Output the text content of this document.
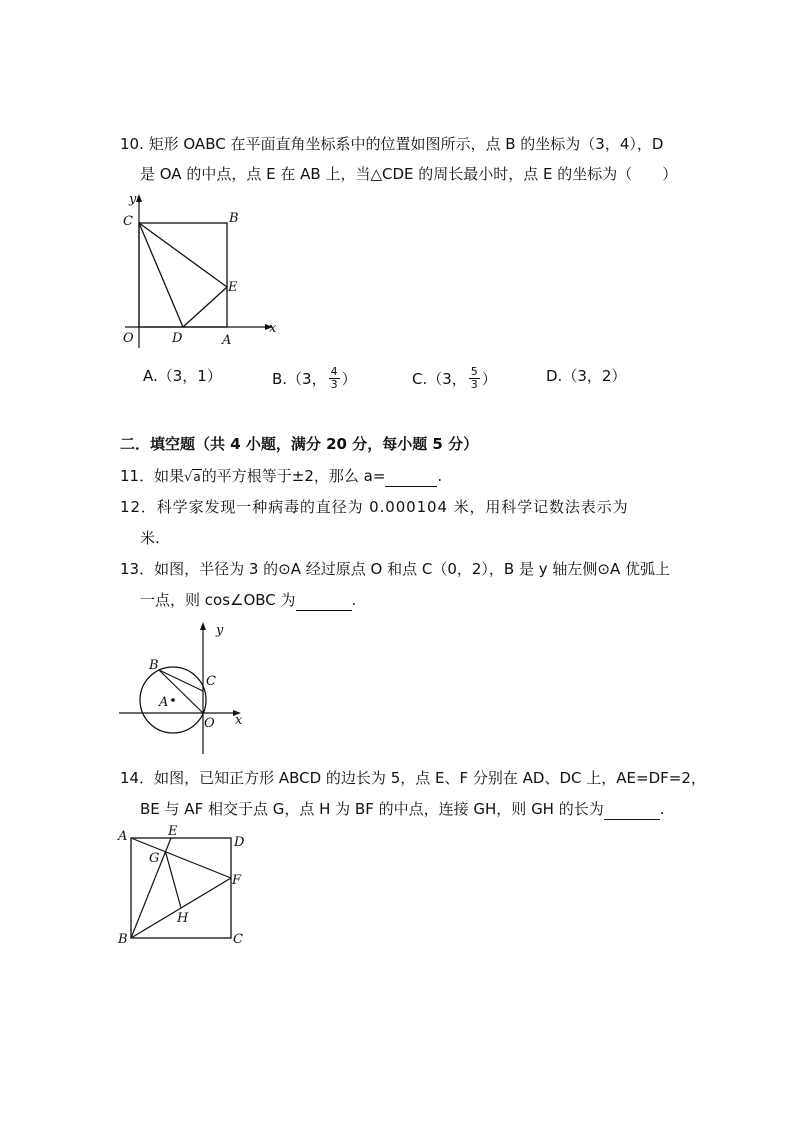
10. 矩形 OABC 在平面直角坐标系中的位置如图所示，点 B 的坐标为（3，4），D
是 OA 的中点，点 E 在 AB 上，当△CDE 的周长最小时，点 E 的坐标为（　　）
y
x
C	B
E
O	D	A
A.（3，1）	B.（3， $\frac{4}{3}$ ）	C.（3， $\frac{5}{3}$ ）	D.（3，2）
二．填空题（共 4 小题，满分 20 分，每小题 5 分）
11．如果√a的平方根等于±2，那么 a=	.
12．科学家发现一种病毒的直径为 0.000104 米，用科学记数法表示为
米.
13．如图，半径为 3 的⊙A 经过原点 O 和点 C（0，2），B 是 y 轴左侧⊙A 优弧上
一点，则 cos∠OBC 为	.
y
x
B
C
A
O
14．如图，已知正方形 ABCD 的边长为 5，点 E、F 分别在 AD、DC 上，AE=DF=2，
BE 与 AF 相交于点 G，点 H 为 BF 的中点，连接 GH，则 GH 的长为	.
A	E
D
G
F
H
B	C
